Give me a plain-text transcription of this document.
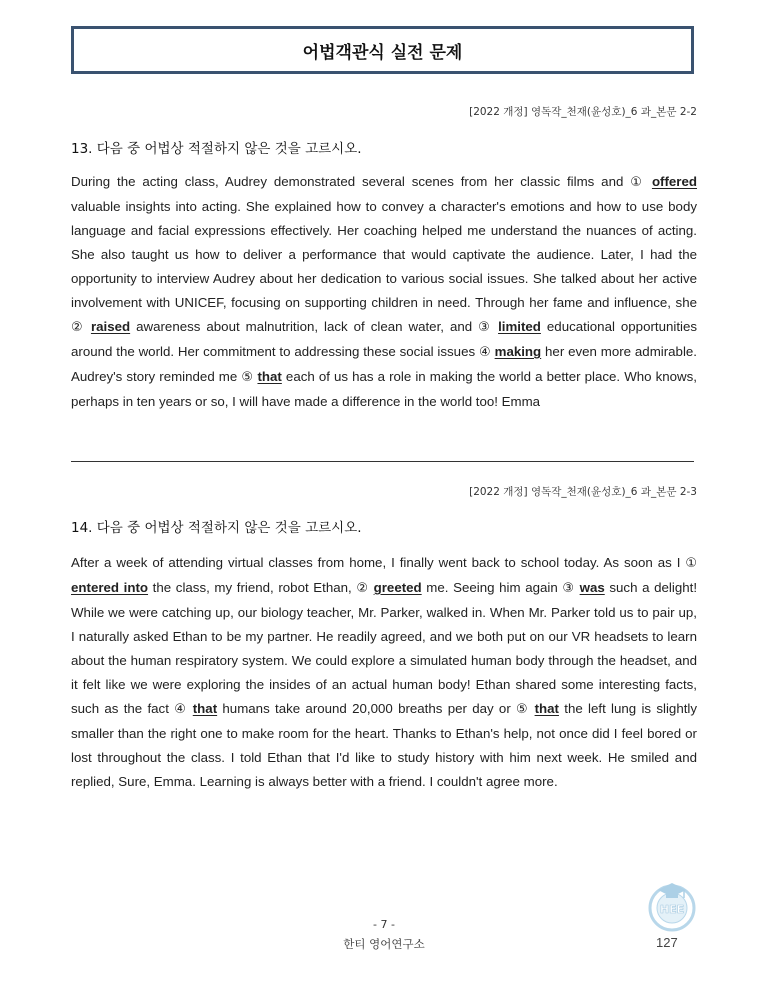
어법객관식 실전 문제
[2022 개정] 영독작_천재(윤성호)_6 과_본문 2-2
13. 다음 중 어법상 적절하지 않은 것을 고르시오.
During the acting class, Audrey demonstrated several scenes from her classic films and ① offered valuable insights into acting. She explained how to convey a character's emotions and how to use body language and facial expressions effectively. Her coaching helped me understand the nuances of acting. She also taught us how to deliver a performance that would captivate the audience. Later, I had the opportunity to interview Audrey about her dedication to various social issues. She talked about her active involvement with UNICEF, focusing on supporting children in need. Through her fame and influence, she ② raised awareness about malnutrition, lack of clean water, and ③ limited educational opportunities around the world. Her commitment to addressing these social issues ④ making her even more admirable. Audrey's story reminded me ⑤ that each of us has a role in making the world a better place. Who knows, perhaps in ten years or so, I will have made a difference in the world too! Emma
[2022 개정] 영독작_천재(윤성호)_6 과_본문 2-3
14. 다음 중 어법상 적절하지 않은 것을 고르시오.
After a week of attending virtual classes from home, I finally went back to school today. As soon as I ① entered into the class, my friend, robot Ethan, ② greeted me. Seeing him again ③ was such a delight! While we were catching up, our biology teacher, Mr. Parker, walked in. When Mr. Parker told us to pair up, I naturally asked Ethan to be my partner. He readily agreed, and we both put on our VR headsets to learn about the human respiratory system. We could explore a simulated human body through the headset, and it felt like we were exploring the insides of an actual human body! Ethan shared some interesting facts, such as the fact ④ that humans take around 20,000 breaths per day or ⑤ that the left lung is slightly smaller than the right one to make room for the heart. Thanks to Ethan's help, not once did I feel bored or lost throughout the class. I told Ethan that I'd like to study history with him next week. He smiled and replied, Sure, Emma. Learning is always better with a friend. I couldn't agree more.
- 7 -
한티 영어연구소
HEE
127
